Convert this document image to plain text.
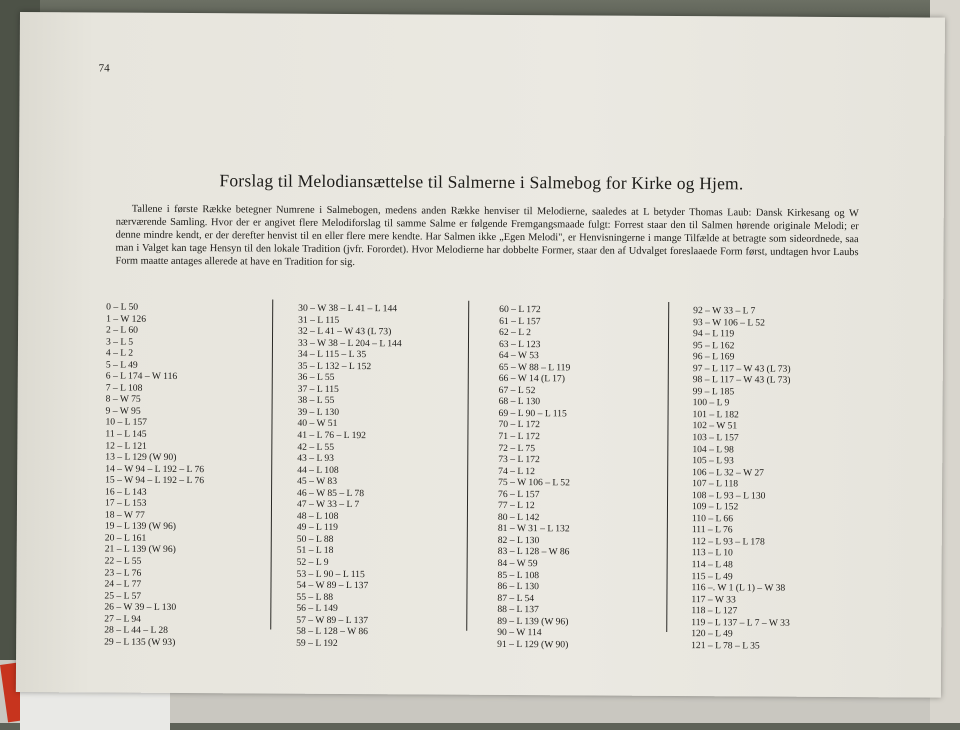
74
Forslag til Melodiansættelse til Salmerne i Salmebog for Kirke og Hjem.

Tallene i første Række betegner Numrene i Salmebogen, medens anden Række henviser til Melodierne, saaledes at L betyder Thomas Laub: Dansk Kirkesang og W nærværende Samling. Hvor der er angivet flere Melodiforslag til samme Salme er følgende Fremgangsmaade fulgt: Forrest staar den til Salmen hørende originale Melodi; er denne mindre kendt, er der derefter henvist til en eller flere mere kendte. Har Salmen ikke „Egen Melodi", er Henvisningerne i mange Tilfælde at betragte som sideordnede, saa man i Valget kan tage Hensyn til den lokale Tradition (jvfr. Forordet). Hvor Melodierne har dobbelte Former, staar den af Udvalget foreslaaede Form først, undtagen hvor Laubs Form maatte antages allerede at have en Tradition for sig.

0 – L 50
1 – W 126
2 – L 60
3 – L 5
4 – L 2
5 – L 49
6 – L 174 – W 116
7 – L 108
8 – W 75
9 – W 95
10 – L 157
11 – L 145
12 – L 121
13 – L 129 (W 90)
14 – W 94 – L 192 – L 76
15 – W 94 – L 192 – L 76
16 – L 143
17 – L 153
18 – W 77
19 – L 139 (W 96)
20 – L 161
21 – L 139 (W 96)
22 – L 55
23 – L 76
24 – L 77
25 – L 57
26 – W 39 – L 130
27 – L 94
28 – L 44 – L 28
29 – L 135 (W 93)
30 – W 38 – L 41 – L 144
31 – L 115
32 – L 41 – W 43 (L 73)
33 – W 38 – L 204 – L 144
34 – L 115 – L 35
35 – L 132 – L 152
36 – L 55
37 – L 115
38 – L 55
39 – L 130
40 – W 51
41 – L 76 – L 192
42 – L 55
43 – L 93
44 – L 108
45 – W 83
46 – W 85 – L 78
47 – W 33 – L 7
48 – L 108
49 – L 119
50 – L 88
51 – L 18
52 – L 9
53 – L 90 – L 115
54 – W 89 – L 137
55 – L 88
56 – L 149
57 – W 89 – L 137
58 – L 128 – W 86
59 – L 192
60 – L 172
61 – L 157
62 – L 2
63 – L 123
64 – W 53
65 – W 88 – L 119
66 – W 14 (L 17)
67 – L 52
68 – L 130
69 – L 90 – L 115
70 – L 172
71 – L 172
72 – L 75
73 – L 172
74 – L 12
75 – W 106 – L 52
76 – L 157
77 – L 12
80 – L 142
81 – W 31 – L 132
82 – L 130
83 – L 128 – W 86
84 – W 59
85 – L 108
86 – L 130
87 – L 54
88 – L 137
89 – L 139 (W 96)
90 – W 114
91 – L 129 (W 90)
92 – W 33 – L 7
93 – W 106 – L 52
94 – L 119
95 – L 162
96 – L 169
97 – L 117 – W 43 (L 73)
98 – L 117 – W 43 (L 73)
99 – L 185
100 – L 9
101 – L 182
102 – W 51
103 – L 157
104 – L 98
105 – L 93
106 – L 32 – W 27
107 – L 118
108 – L 93 – L 130
109 – L 152
110 – L 66
111 – L 76
112 – L 93 – L 178
113 – L 10
114 – L 48
115 – L 49
116 –. W 1 (L 1) – W 38
117 – W 33
118 – L 127
119 – L 137 – L 7 – W 33
120 – L 49
121 – L 78 – L 35
